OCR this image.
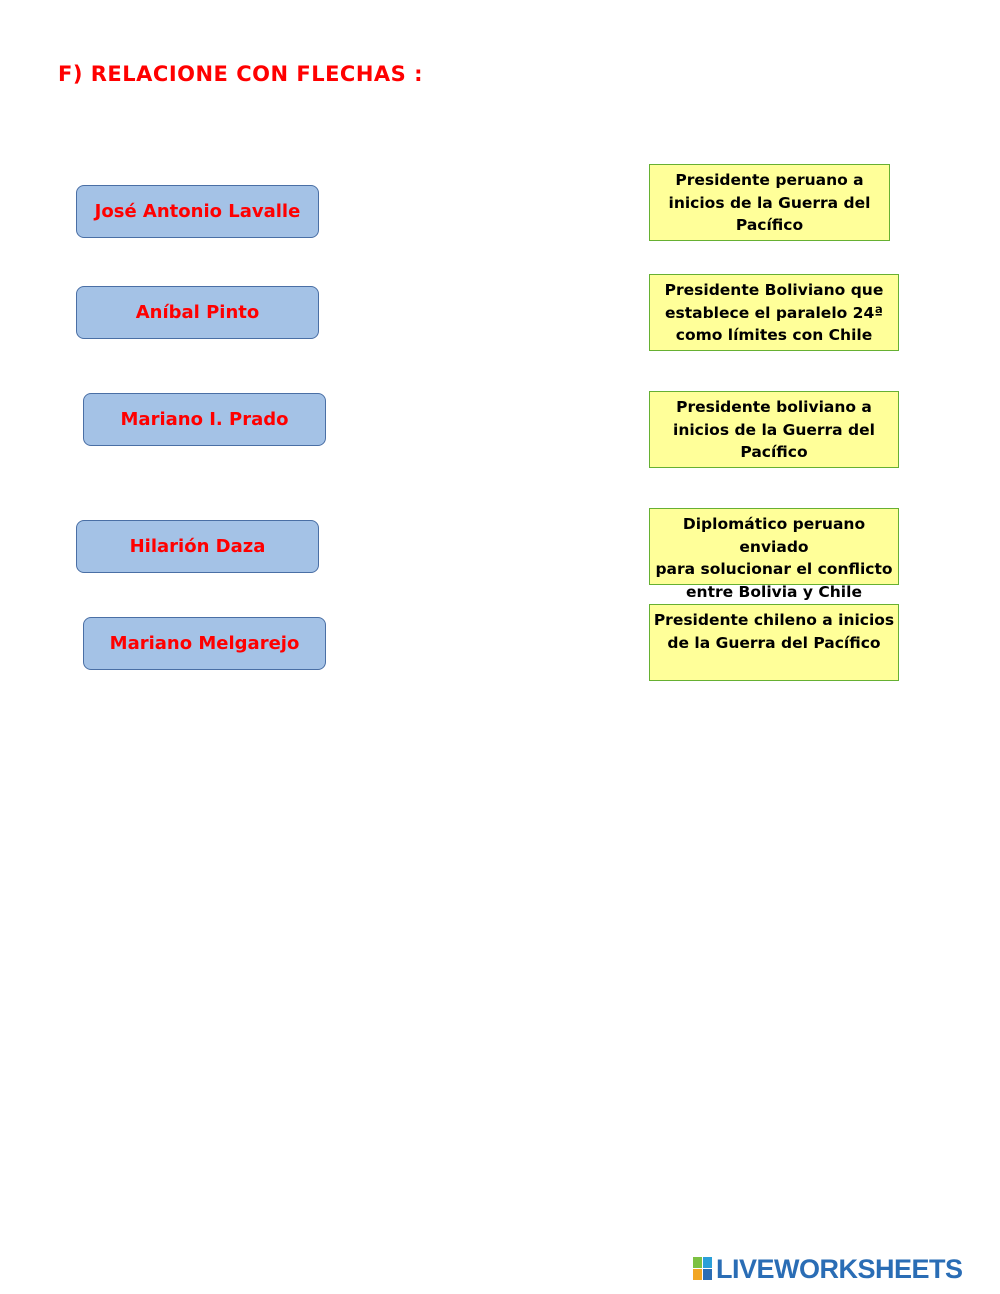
F) RELACIONE CON FLECHAS :
José Antonio Lavalle
Aníbal Pinto
Mariano I. Prado
Hilarión Daza
Mariano Melgarejo
Presidente peruano a
inicios de la Guerra del
Pacífico
Presidente Boliviano que
establece el paralelo 24ª
como límites con Chile
Presidente boliviano a
inicios de la Guerra del
Pacífico
Diplomático peruano enviado
para solucionar el conflicto
entre Bolivia y Chile
Presidente chileno a inicios
de la Guerra del Pacífico
LIVEWORKSHEETS
